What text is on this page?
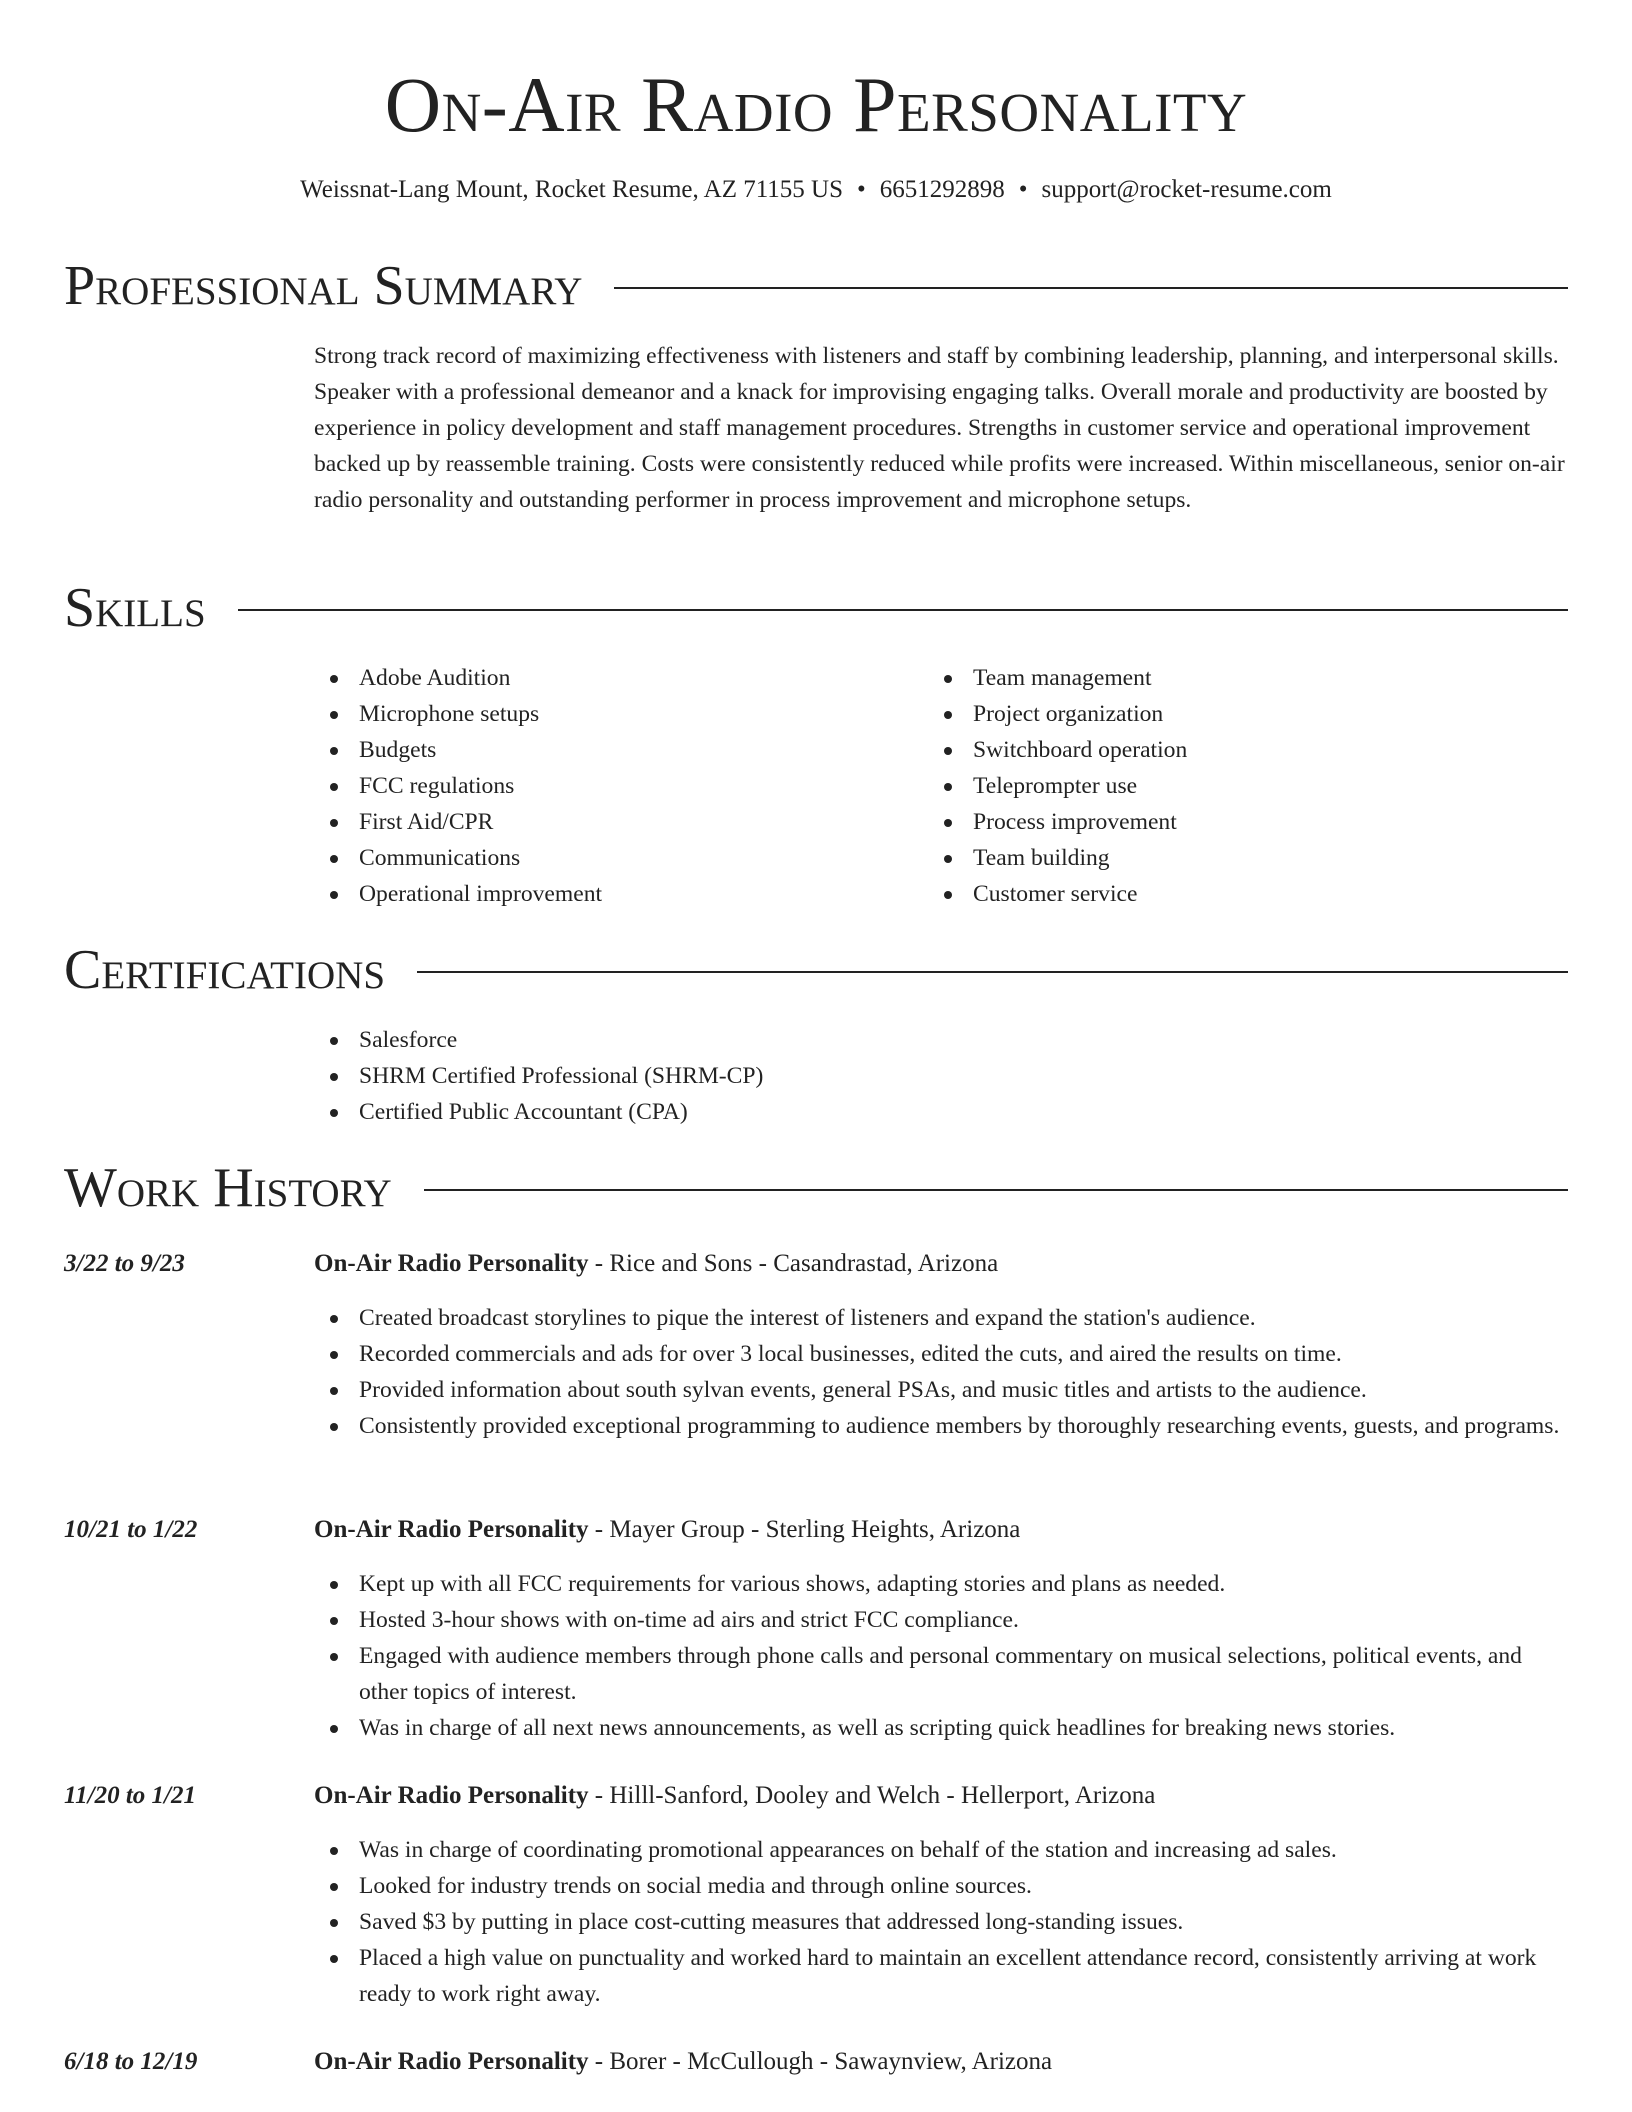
On-Air Radio Personality
Weissnat-Lang Mount, Rocket Resume, AZ 71155 US • 6651292898 • support@rocket-resume.com
Professional Summary
Strong track record of maximizing effectiveness with listeners and staff by combining leadership, planning, and interpersonal skills. Speaker with a professional demeanor and a knack for improvising engaging talks. Overall morale and productivity are boosted by experience in policy development and staff management procedures. Strengths in customer service and operational improvement backed up by reassemble training. Costs were consistently reduced while profits were increased. Within miscellaneous, senior on-air radio personality and outstanding performer in process improvement and microphone setups.
Skills
Adobe Audition
Microphone setups
Budgets
FCC regulations
First Aid/CPR
Communications
Operational improvement
Team management
Project organization
Switchboard operation
Teleprompter use
Process improvement
Team building
Customer service
Certifications
Salesforce
SHRM Certified Professional (SHRM-CP)
Certified Public Accountant (CPA)
Work History
3/22 to 9/23	On-Air Radio Personality - Rice and Sons - Casandrastad, Arizona
Created broadcast storylines to pique the interest of listeners and expand the station's audience.
Recorded commercials and ads for over 3 local businesses, edited the cuts, and aired the results on time.
Provided information about south sylvan events, general PSAs, and music titles and artists to the audience.
Consistently provided exceptional programming to audience members by thoroughly researching events, guests, and programs.
10/21 to 1/22	On-Air Radio Personality - Mayer Group - Sterling Heights, Arizona
Kept up with all FCC requirements for various shows, adapting stories and plans as needed.
Hosted 3-hour shows with on-time ad airs and strict FCC compliance.
Engaged with audience members through phone calls and personal commentary on musical selections, political events, and other topics of interest.
Was in charge of all next news announcements, as well as scripting quick headlines for breaking news stories.
11/20 to 1/21	On-Air Radio Personality - Hilll-Sanford, Dooley and Welch - Hellerport, Arizona
Was in charge of coordinating promotional appearances on behalf of the station and increasing ad sales.
Looked for industry trends on social media and through online sources.
Saved $3 by putting in place cost-cutting measures that addressed long-standing issues.
Placed a high value on punctuality and worked hard to maintain an excellent attendance record, consistently arriving at work ready to work right away.
6/18 to 12/19	On-Air Radio Personality - Borer - McCullough - Sawaynview, Arizona
